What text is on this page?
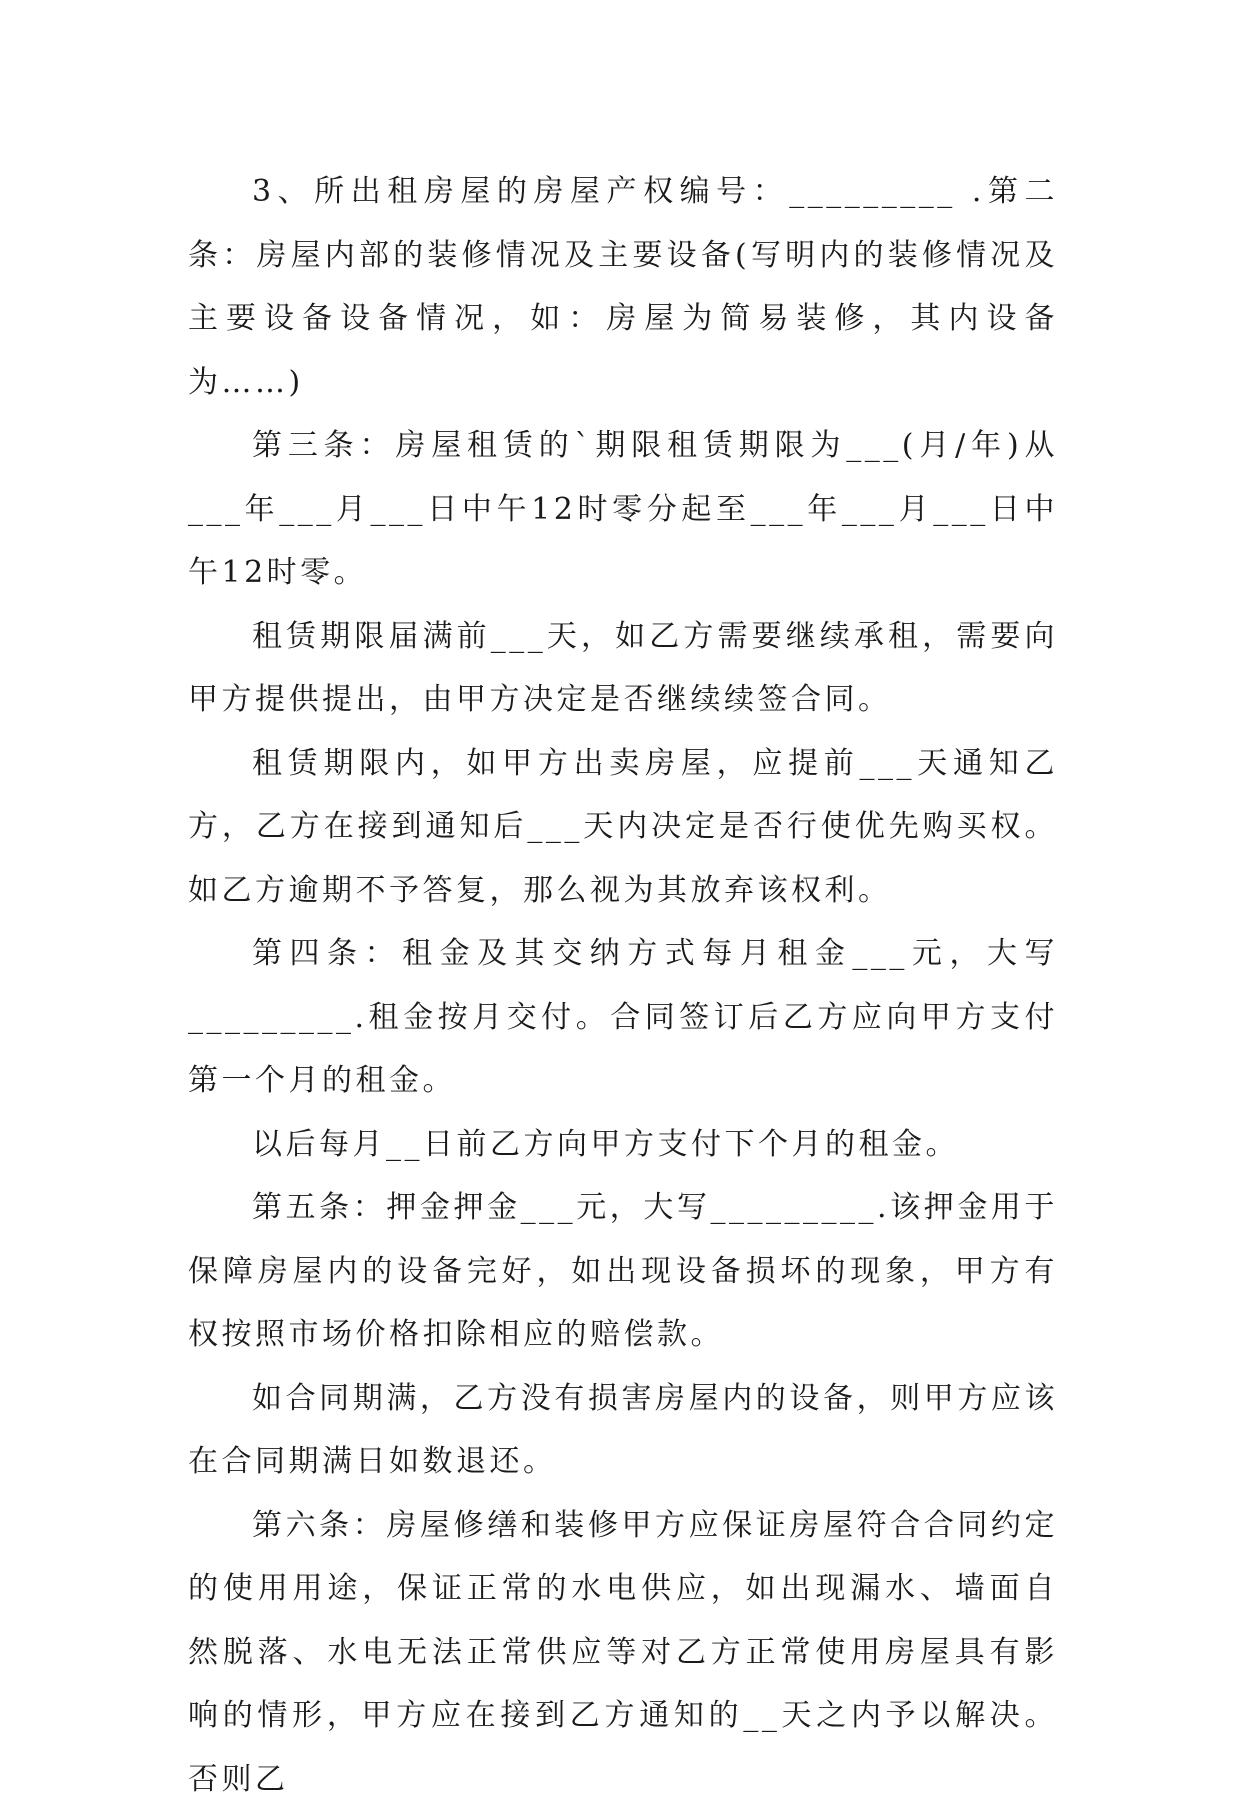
3、所出租房屋的房屋产权编号：_________ .第二条：房屋内部的装修情况及主要设备(写明内的装修情况及主要设备设备情况，如：房屋为简易装修，其内设备为……)

第三条：房屋租赁的`期限租赁期限为___(月/年)从___年___月___日中午12时零分起至___年___月___日中午12时零。

租赁期限届满前___天，如乙方需要继续承租，需要向甲方提供提出，由甲方决定是否继续续签合同。

租赁期限内，如甲方出卖房屋，应提前___天通知乙方，乙方在接到通知后___天内决定是否行使优先购买权。如乙方逾期不予答复，那么视为其放弃该权利。

第四条：租金及其交纳方式每月租金___元，大写_________.租金按月交付。合同签订后乙方应向甲方支付第一个月的租金。

以后每月__日前乙方向甲方支付下个月的租金。

第五条：押金押金___元，大写_________.该押金用于保障房屋内的设备完好，如出现设备损坏的现象，甲方有权按照市场价格扣除相应的赔偿款。

如合同期满，乙方没有损害房屋内的设备，则甲方应该在合同期满日如数退还。

第六条：房屋修缮和装修甲方应保证房屋符合合同约定的使用用途，保证正常的水电供应，如出现漏水、墙面自然脱落、水电无法正常供应等对乙方正常使用房屋具有影响的情形，甲方应在接到乙方通知的__天之内予以解决。否则乙
